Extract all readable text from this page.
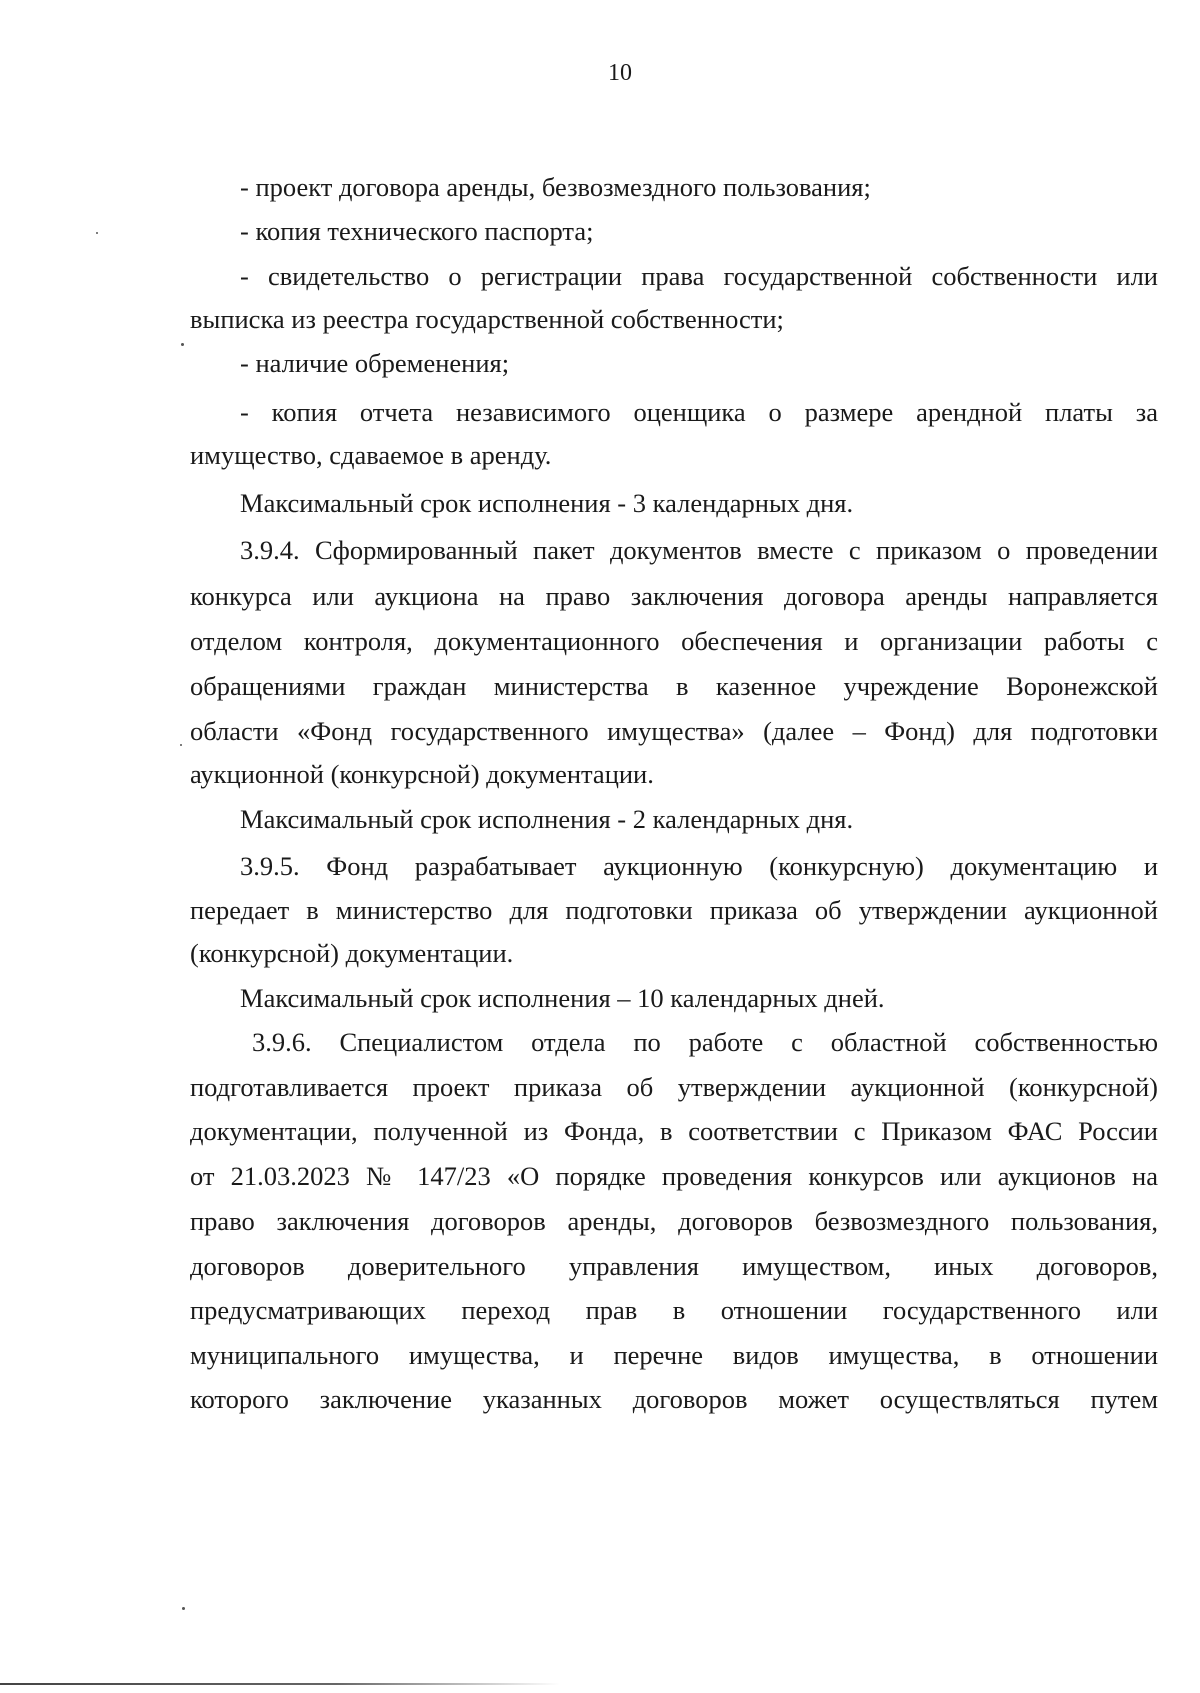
10
- проект договора аренды, безвозмездного пользования;
- копия технического паспорта;
- свидетельство о регистрации права государственной собственности или
выписка из реестра государственной собственности;
- наличие обременения;
- копия отчета независимого оценщика о размере арендной платы за
имущество, сдаваемое в аренду.
Максимальный срок исполнения - 3 календарных дня.
3.9.4. Сформированный пакет документов вместе с приказом о проведении
конкурса или аукциона на право заключения договора аренды направляется
отделом контроля, документационного обеспечения и организации работы с
обращениями граждан министерства в казенное учреждение Воронежской
области «Фонд государственного имущества» (далее – Фонд) для подготовки
аукционной (конкурсной) документации.
Максимальный срок исполнения - 2 календарных дня.
3.9.5. Фонд разрабатывает аукционную (конкурсную) документацию и
передает в министерство для подготовки приказа об утверждении аукционной
(конкурсной) документации.
Максимальный срок исполнения – 10 календарных дней.
3.9.6. Специалистом отдела по работе с областной собственностью
подготавливается проект приказа об утверждении аукционной (конкурсной)
документации, полученной из Фонда, в соответствии с Приказом ФАС России
от 21.03.2023 № 147/23 «О порядке проведения конкурсов или аукционов на
право заключения договоров аренды, договоров безвозмездного пользования,
договоров доверительного управления имуществом, иных договоров,
предусматривающих переход прав в отношении государственного или
муниципального имущества, и перечне видов имущества, в отношении
которого заключение указанных договоров может осуществляться путем
